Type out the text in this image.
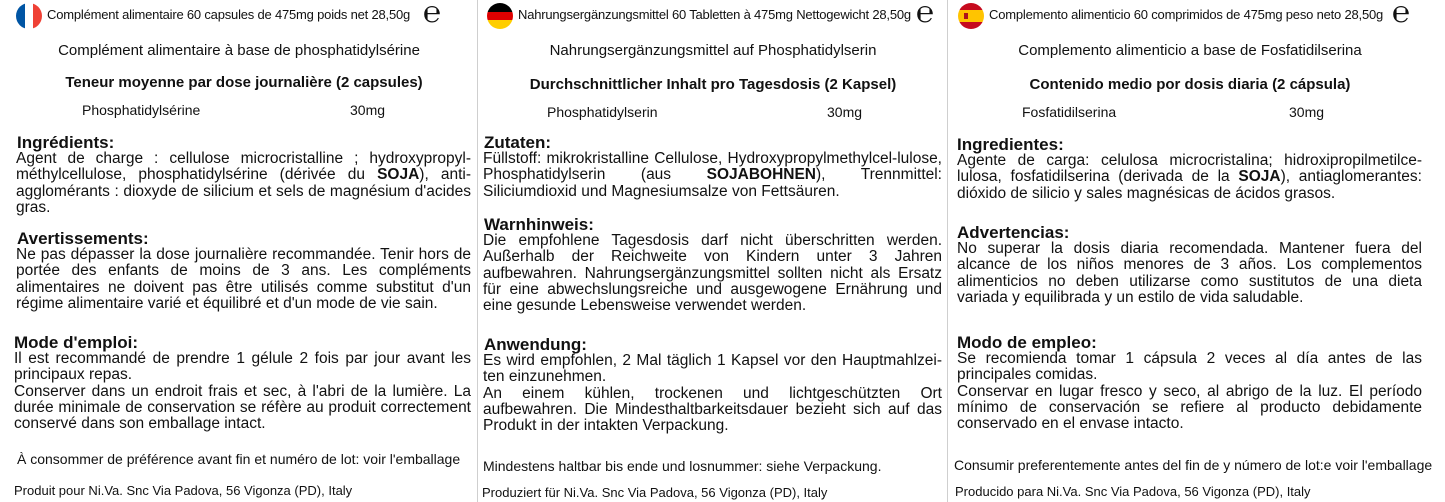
Complément alimentaire 60 capsules de 475mg poids net 28,50g ℮
Complément alimentaire à base de phosphatidylsérine
Teneur moyenne par dose journalière (2 capsules)
Phosphatidylsérine	30mg
Ingrédients:
Agent de charge : cellulose microcristalline ; hydroxypropyl-méthylcellulose, phosphatidylsérine (dérivée du SOJA), anti-agglomérants : dioxyde de silicium et sels de magnésium d'acides gras.
Avertissements:
Ne pas dépasser la dose journalière recommandée. Tenir hors de portée des enfants de moins de 3 ans. Les compléments alimentaires ne doivent pas être utilisés comme substitut d'un régime alimentaire varié et équilibré et d'un mode de vie sain.
Mode d'emploi:
Il est recommandé de prendre 1 gélule 2 fois par jour avant les principaux repas.
Conserver dans un endroit frais et sec, à l'abri de la lumière. La durée minimale de conservation se réfère au produit correctement conservé dans son emballage intact.
À consommer de préférence avant fin et numéro de lot: voir l'emballage
Produit pour Ni.Va. Snc Via Padova, 56 Vigonza (PD), Italy
Nahrungsergänzungsmittel 60 Tabletten à 475mg Nettogewicht 28,50g ℮
Nahrungsergänzungsmittel auf Phosphatidylserin
Durchschnittlicher Inhalt pro Tagesdosis (2 Kapsel)
Phosphatidylserin	30mg
Zutaten:
Füllstoff: mikrokristalline Cellulose, Hydroxypropylmethylcel-lulose, Phosphatidylserin (aus SOJABOHNEN), Trennmittel: Siliciumdioxid und Magnesiumsalze von Fettsäuren.
Warnhinweis:
Die empfohlene Tagesdosis darf nicht überschritten werden. Außerhalb der Reichweite von Kindern unter 3 Jahren aufbewahren. Nahrungsergänzungsmittel sollten nicht als Ersatz für eine abwechslungsreiche und ausgewogene Ernährung und eine gesunde Lebensweise verwendet werden.
Anwendung:
Es wird empfohlen, 2 Mal täglich 1 Kapsel vor den Hauptmahlzei-ten einzunehmen.
An einem kühlen, trockenen und lichtgeschützten Ort aufbewahren. Die Mindesthaltbarkeitsdauer bezieht sich auf das Produkt in der intakten Verpackung.
Mindestens haltbar bis ende und losnummer: siehe Verpackung.
Produziert für Ni.Va. Snc Via Padova, 56 Vigonza (PD), Italy
Complemento alimenticio 60 comprimidos de 475mg peso neto 28,50g ℮
Complemento alimenticio a base de Fosfatidilserina
Contenido medio por dosis diaria (2 cápsula)
Fosfatidilserina	30mg
Ingredientes:
Agente de carga: celulosa microcristalina; hidroxipropilmetilce-lulosa, fosfatidilserina (derivada de la SOJA), antiaglomerantes: dióxido de silicio y sales magnésicas de ácidos grasos.
Advertencias:
No superar la dosis diaria recomendada. Mantener fuera del alcance de los niños menores de 3 años. Los complementos alimenticios no deben utilizarse como sustitutos de una dieta variada y equilibrada y un estilo de vida saludable.
Modo de empleo:
Se recomienda tomar 1 cápsula 2 veces al día antes de las principales comidas.
Conservar en lugar fresco y seco, al abrigo de la luz. El período mínimo de conservación se refiere al producto debidamente conservado en el envase intacto.
Consumir preferentemente antes del fin de y número de lot:e voir l'emballage
Producido para Ni.Va. Snc Via Padova, 56 Vigonza (PD), Italy
